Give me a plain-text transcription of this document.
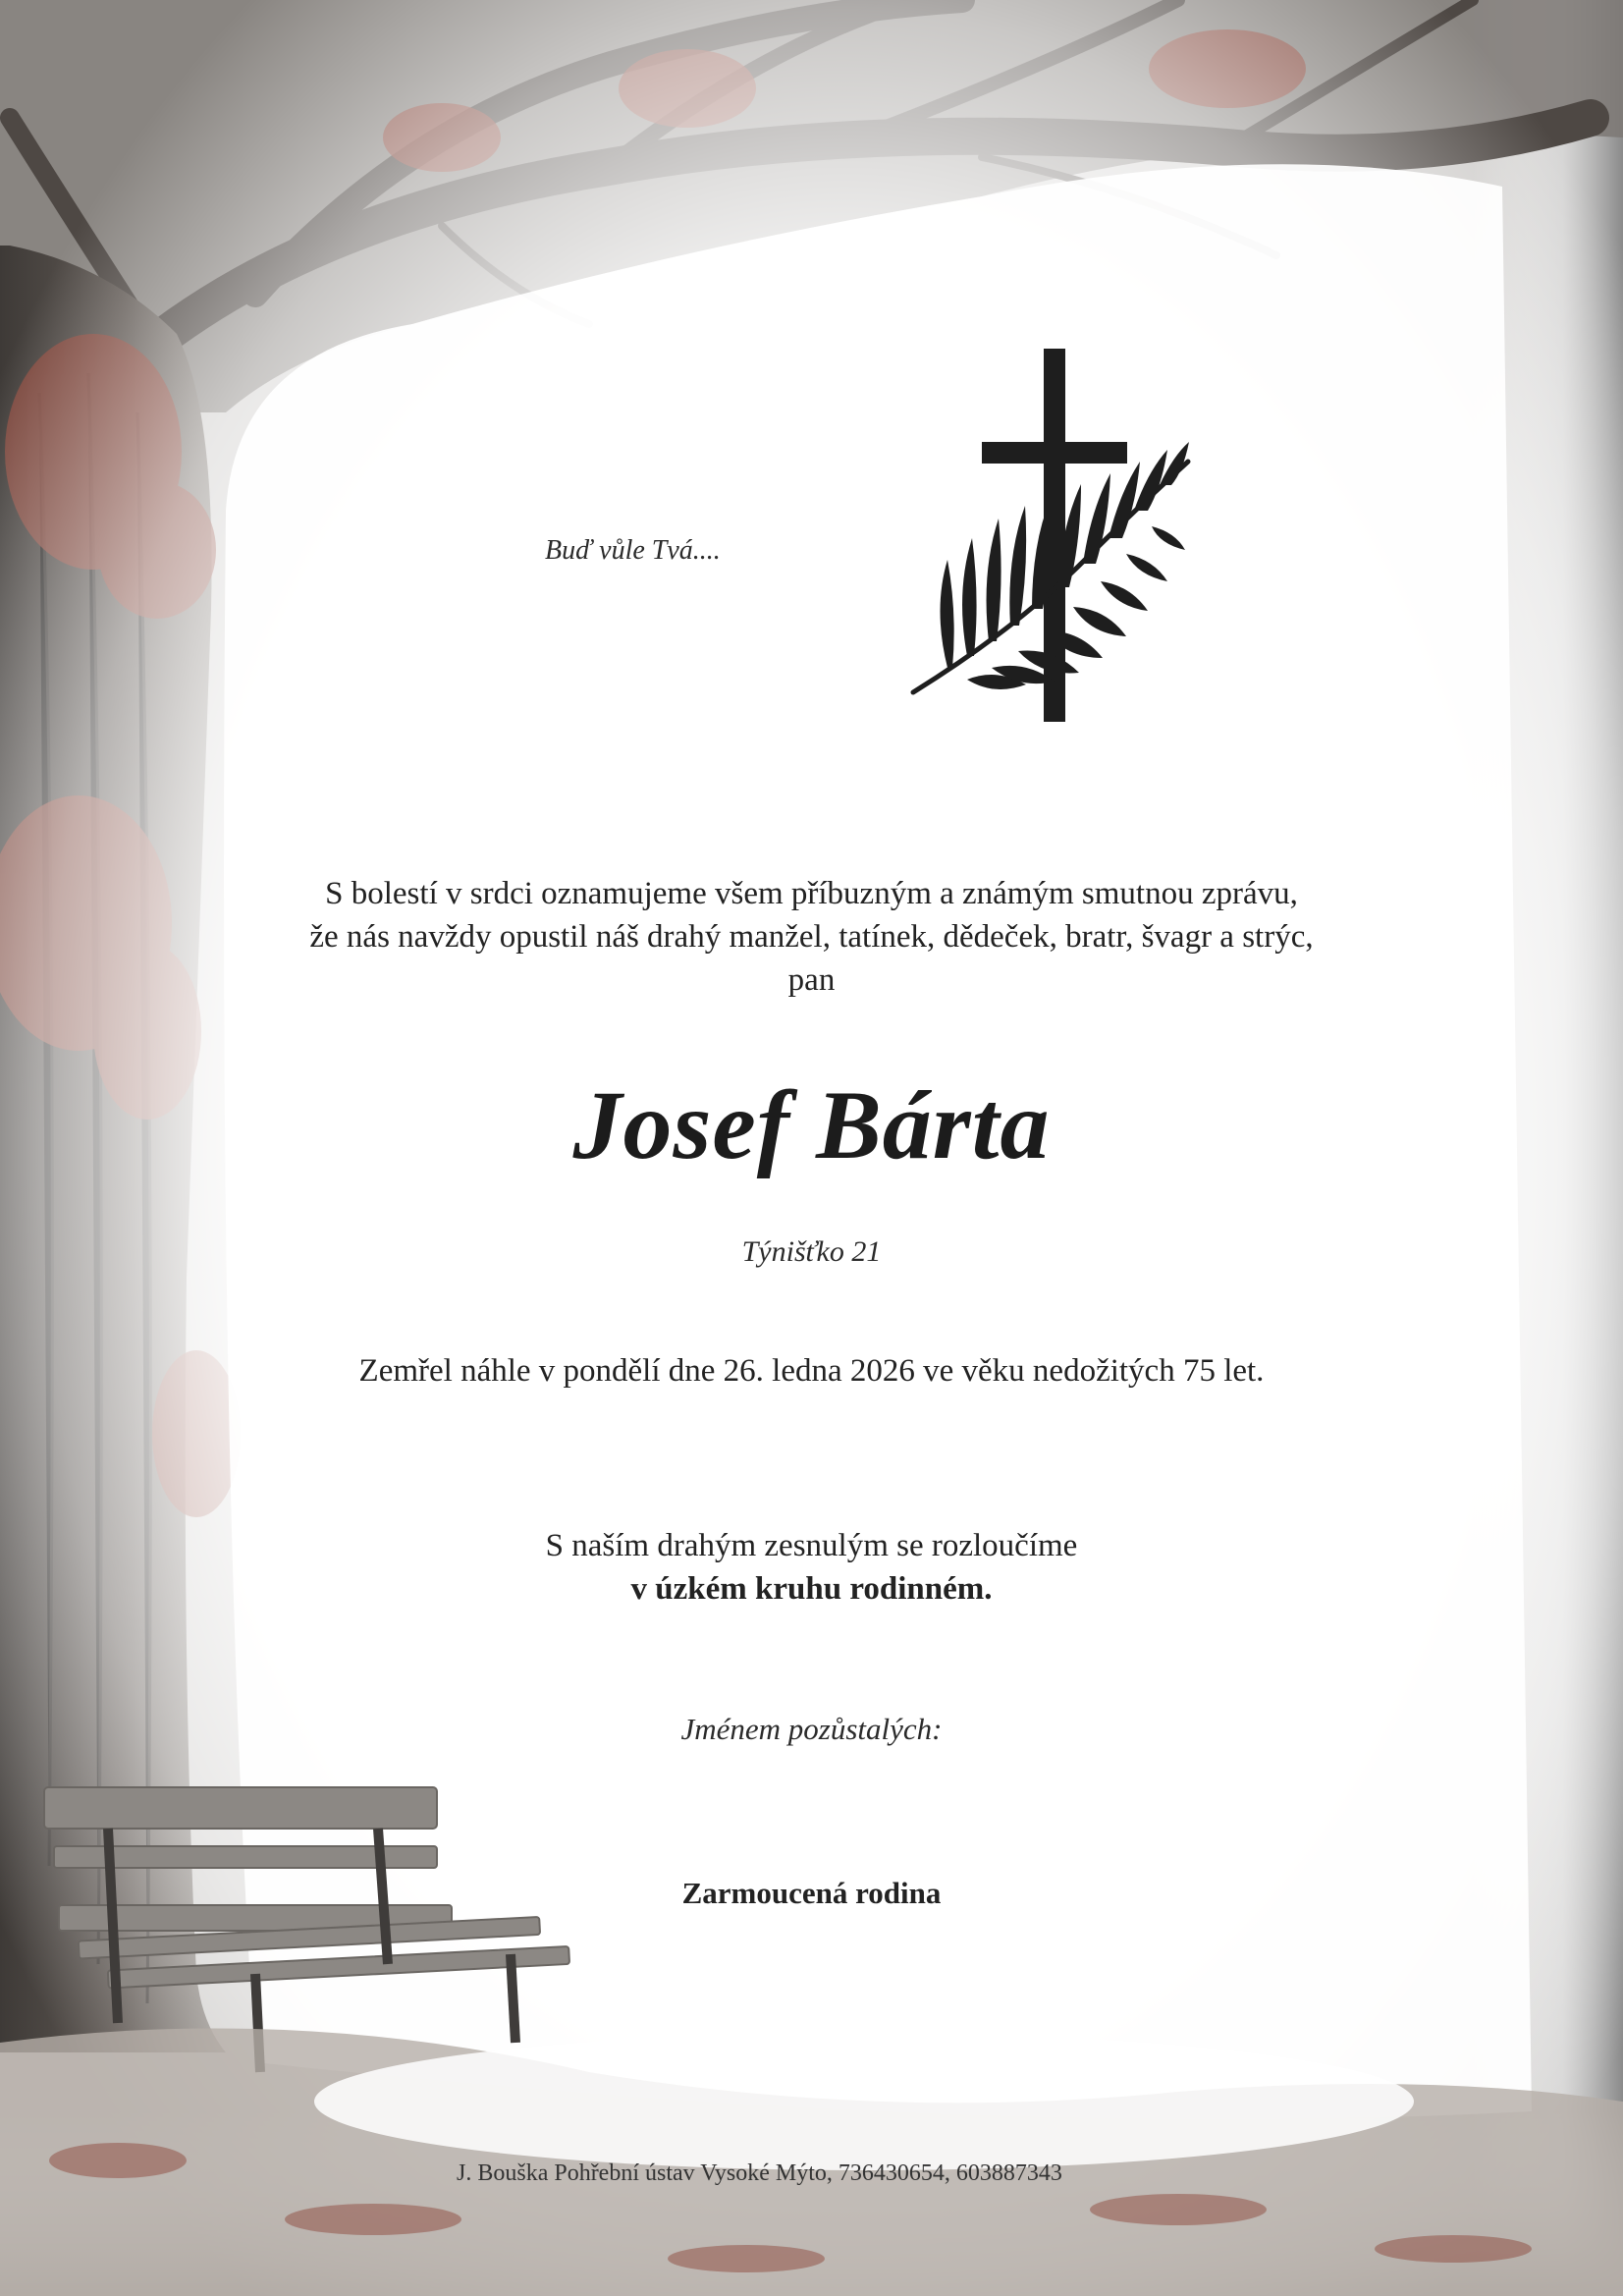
Buď vůle Tvá....
S bolestí v srdci oznamujeme všem příbuzným a známým smutnou zprávu,
že nás navždy opustil náš drahý manžel, tatínek, dědeček, bratr, švagr a strýc,
pan
Josef Bárta
Týnišťko 21
Zemřel náhle v pondělí dne 26. ledna 2026 ve věku nedožitých 75 let.
S naším drahým zesnulým se rozloučíme
v úzkém kruhu rodinném.
Jménem pozůstalých:
Zarmoucená rodina
J. Bouška Pohřební ústav Vysoké Mýto, 736430654, 603887343
